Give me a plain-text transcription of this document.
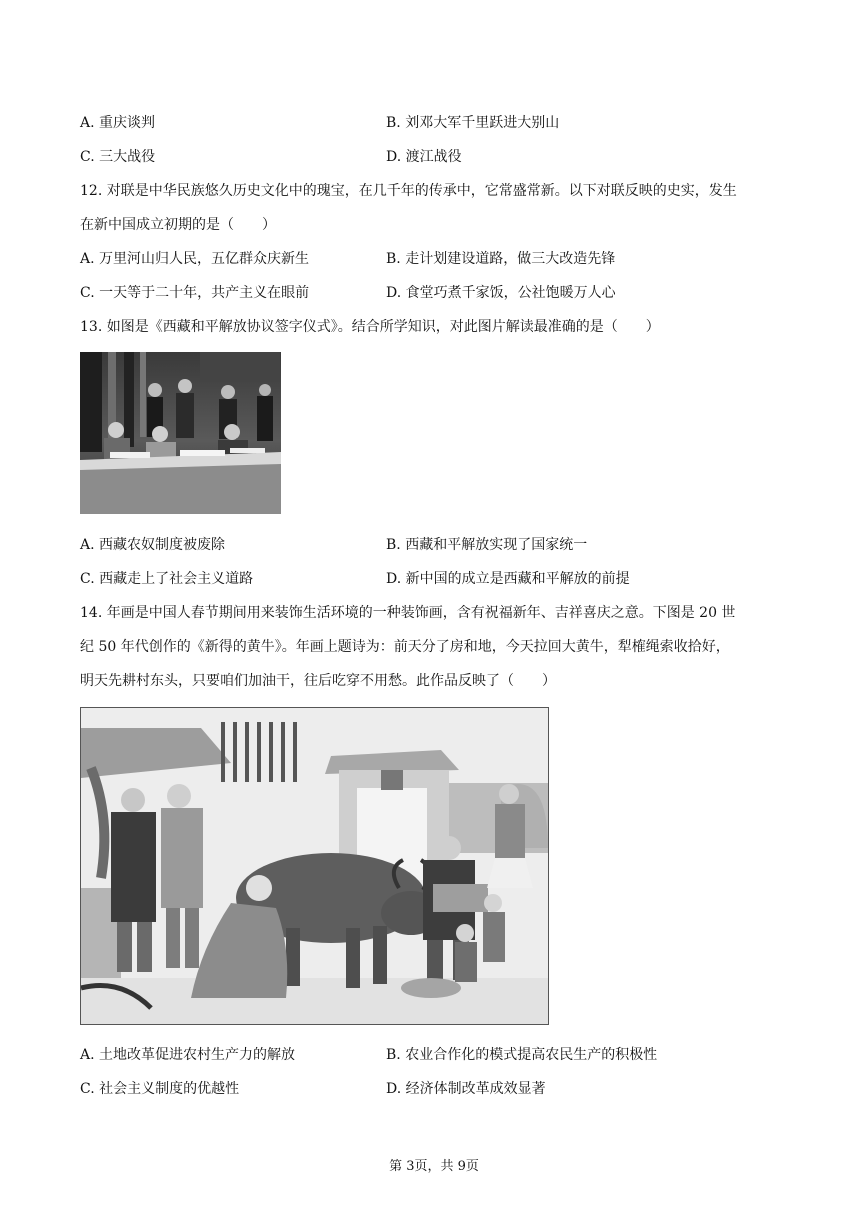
A. 重庆谈判	B. 刘邓大军千里跃进大别山
C. 三大战役	D. 渡江战役
12. 对联是中华民族悠久历史文化中的瑰宝，在几千年的传承中，它常盛常新。以下对联反映的史实，发生
在新中国成立初期的是（　　）
A. 万里河山归人民，五亿群众庆新生	B. 走计划建设道路，做三大改造先锋
C. 一天等于二十年，共产主义在眼前	D. 食堂巧煮千家饭，公社饱暖万人心
13. 如图是《西藏和平解放协议签字仪式》。结合所学知识，对此图片解读最准确的是（　　）
A. 西藏农奴制度被废除	B. 西藏和平解放实现了国家统一
C. 西藏走上了社会主义道路	D. 新中国的成立是西藏和平解放的前提
14. 年画是中国人春节期间用来装饰生活环境的一种装饰画，含有祝福新年、吉祥喜庆之意。下图是 20 世
纪 50 年代创作的《新得的黄牛》。年画上题诗为：前天分了房和地，今天拉回大黄牛，犁榷绳索收拾好，
明天先耕村东头，只要咱们加油干，往后吃穿不用愁。此作品反映了（　　）
A. 土地改革促进农村生产力的解放	B. 农业合作化的模式提高农民生产的积极性
C. 社会主义制度的优越性	D. 经济体制改革成效显著
第 3页，共 9页
